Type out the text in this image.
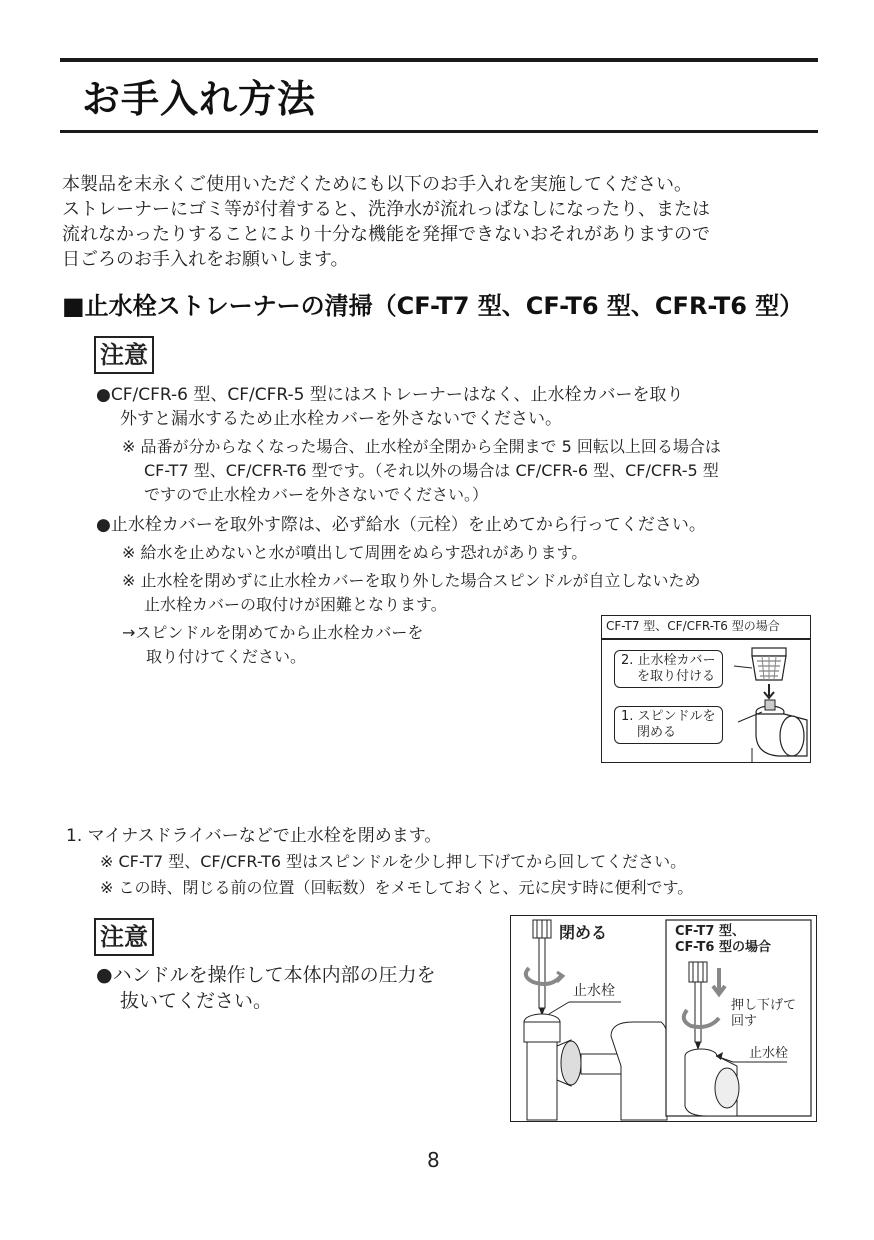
お手入れ方法
本製品を末永くご使用いただくためにも以下のお手入れを実施してください。
ストレーナーにゴミ等が付着すると、洗浄水が流れっぱなしになったり、または
流れなかったりすることにより十分な機能を発揮できないおそれがありますので
日ごろのお手入れをお願いします。
■止水栓ストレーナーの清掃（CF-T7 型、CF-T6 型、CFR-T6 型）
注意
●CF/CFR-6 型、CF/CFR-5 型にはストレーナーはなく、止水栓カバーを取り
外すと漏水するため止水栓カバーを外さないでください。
※ 品番が分からなくなった場合、止水栓が全閉から全開まで 5 回転以上回る場合は
CF-T7 型、CF/CFR-T6 型です。（それ以外の場合は CF/CFR-6 型、CF/CFR-5 型
ですので止水栓カバーを外さないでください。）
●止水栓カバーを取外す際は、必ず給水（元栓）を止めてから行ってください。
※ 給水を止めないと水が噴出して周囲をぬらす恐れがあります。
※ 止水栓を閉めずに止水栓カバーを取り外した場合スピンドルが自立しないため
止水栓カバーの取付けが困難となります。
→スピンドルを閉めてから止水栓カバーを
取り付けてください。
CF-T7 型、CF/CFR-T6 型の場合
2. 止水栓カバー
を取り付ける
1. スピンドルを
閉める
1. マイナスドライバーなどで止水栓を閉めます。
※ CF-T7 型、CF/CFR-T6 型はスピンドルを少し押し下げてから回してください。
※ この時、閉じる前の位置（回転数）をメモしておくと、元に戻す時に便利です。
注意
●ハンドルを操作して本体内部の圧力を
抜いてください。
閉める
止水栓
CF-T7 型、
CF-T6 型の場合
押し下げて
回す
止水栓
8
